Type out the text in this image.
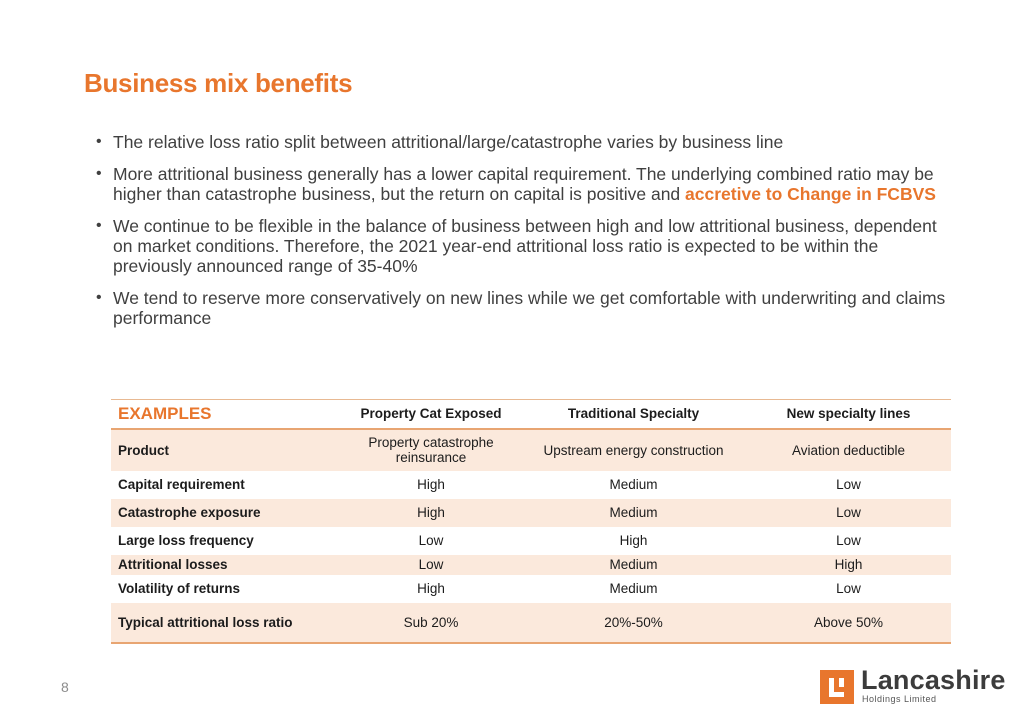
Business mix benefits
• The relative loss ratio split between attritional/large/catastrophe varies by business line
• More attritional business generally has a lower capital requirement. The underlying combined ratio may be higher than catastrophe business, but the return on capital is positive and accretive to Change in FCBVS
• We continue to be flexible in the balance of business between high and low attritional business, dependent on market conditions. Therefore, the 2021 year-end attritional loss ratio is expected to be within the previously announced range of 35-40%
• We tend to reserve more conservatively on new lines while we get comfortable with underwriting and claims performance
EXAMPLES	Property Cat Exposed	Traditional Specialty	New specialty lines
Product	Property catastrophe reinsurance	Upstream energy construction	Aviation deductible
Capital requirement	High	Medium	Low
Catastrophe exposure	High	Medium	Low
Large loss frequency	Low	High	Low
Attritional losses	Low	Medium	High
Volatility of returns	High	Medium	Low
Typical attritional loss ratio	Sub 20%	20%-50%	Above 50%
8	Lancashire
Holdings Limited
